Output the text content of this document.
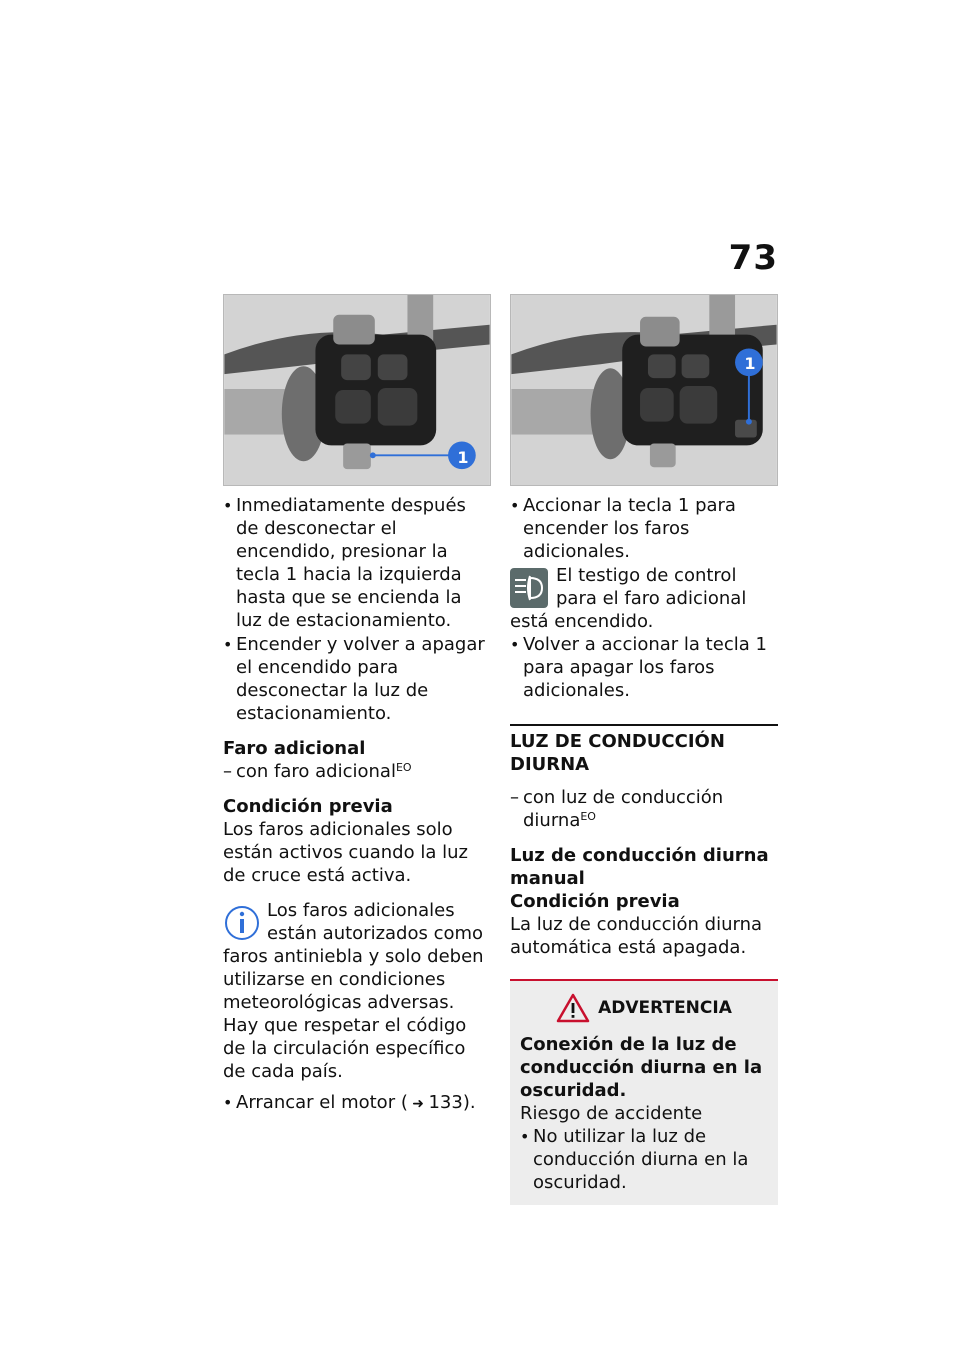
73
1
• Inmediatamente después de desconectar el encendido, presionar la tecla 1 hacia la izquierda hasta que se encienda la luz de estacionamiento.
• Encender y volver a apagar el encendido para desconectar la luz de estacionamiento.
Faro adicional
– con faro adicional$^{EO}$
Condición previa
Los faros adicionales solo están activos cuando la luz de cruce está activa.
Los faros adicionales están autorizados como faros antiniebla y solo deben utilizarse en condiciones meteorológicas adversas. Hay que respetar el código de la circulación específico de cada país.
• Arrancar el motor ( ➜ 133).
1
• Accionar la tecla 1 para encender los faros adicionales.
El testigo de control para el faro adicional está encendido.
• Volver a accionar la tecla 1 para apagar los faros adicionales.
LUZ DE CONDUCCIÓN DIURNA
– con luz de conducción diurna$^{EO}$
Luz de conducción diurna manual
Condición previa
La luz de conducción diurna automática está apagada.
ADVERTENCIA
Conexión de la luz de conducción diurna en la oscuridad.
Riesgo de accidente
• No utilizar la luz de conducción diurna en la oscuridad.
